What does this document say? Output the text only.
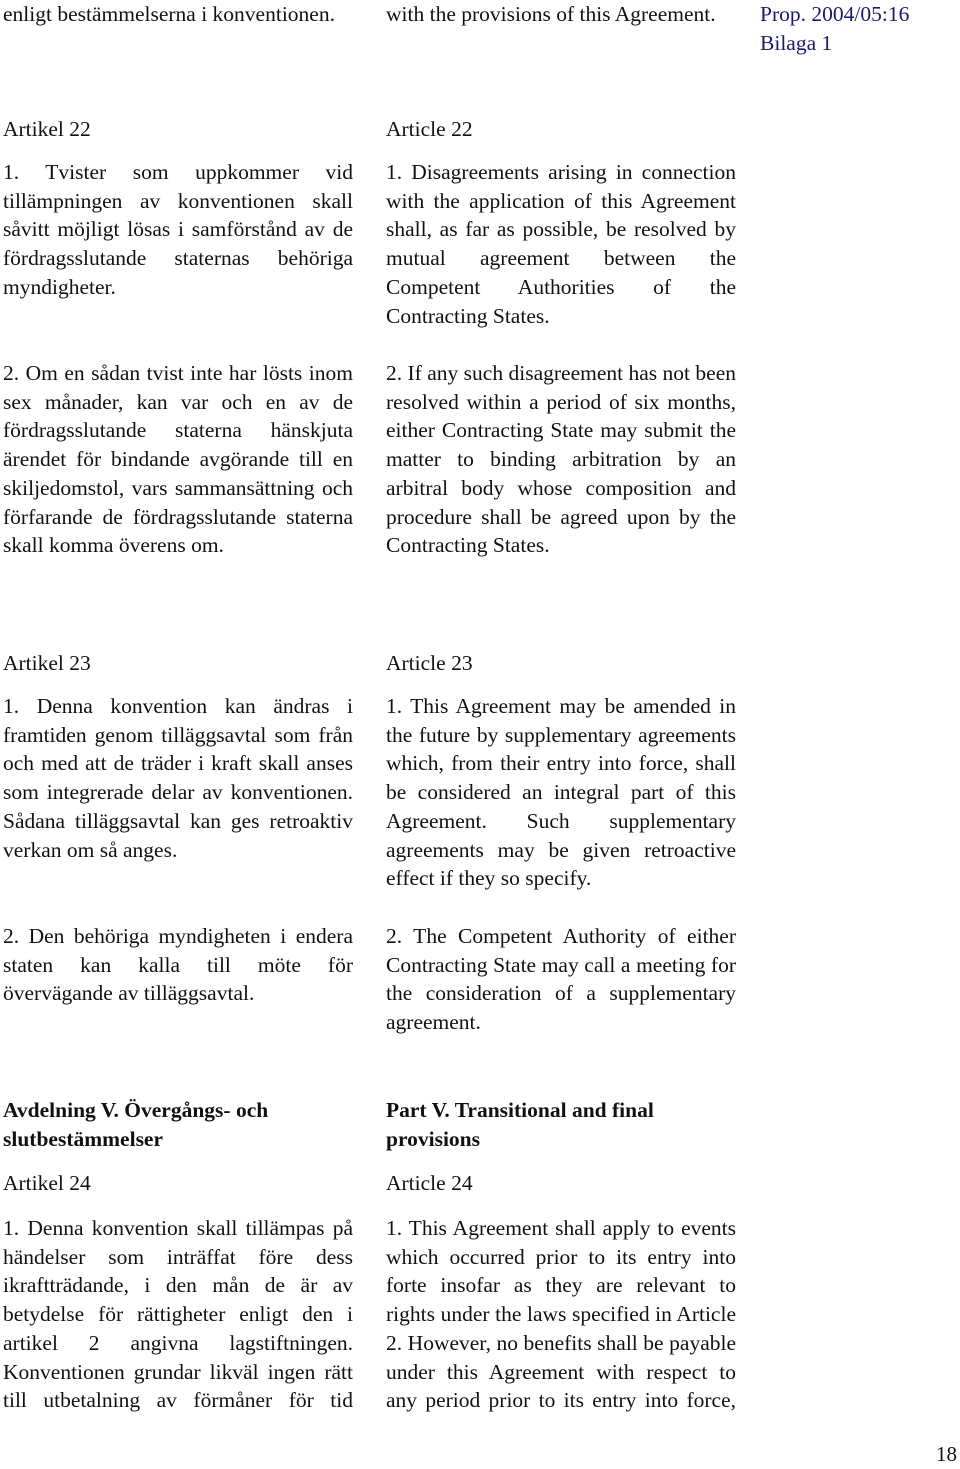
enligt bestämmelserna i konventionen.	with the provisions of this Agreement.	Prop. 2004/05:16
Bilaga 1
Artikel 22	Article 22
1. Tvister som uppkommer vid tillämpningen av konventionen skall såvitt möjligt lösas i samförstånd av de fördragsslutande staternas behöriga myndigheter.
2. Om en sådan tvist inte har lösts inom sex månader, kan var och en av de fördragsslutande staterna hänskjuta ärendet för bindande avgörande till en skiljedomstol, vars sammansättning och förfarande de fördragsslutande staterna skall komma överens om.
1. Disagreements arising in connection with the application of this Agreement shall, as far as possible, be resolved by mutual agreement between the Competent Authorities of the Contracting States.
2. If any such disagreement has not been resolved within a period of six months, either Contracting State may submit the matter to binding arbitration by an arbitral body whose composition and procedure shall be agreed upon by the Contracting States.
Artikel 23	Article 23
1. Denna konvention kan ändras i framtiden genom tilläggsavtal som från och med att de träder i kraft skall anses som integrerade delar av konventionen. Sådana tilläggsavtal kan ges retroaktiv verkan om så anges.
2. Den behöriga myndigheten i endera staten kan kalla till möte för övervägande av tilläggsavtal.
1. This Agreement may be amended in the future by supplementary agreements which, from their entry into force, shall be considered an integral part of this Agreement. Such supplementary agreements may be given retroactive effect if they so specify.
2. The Competent Authority of either Contracting State may call a meeting for the consideration of a supplementary agreement.
Avdelning V. Övergångs- och slutbestämmelser
Part V. Transitional and final provisions
Artikel 24	Article 24
1. Denna konvention skall tillämpas på händelser som inträffat före dess ikraftträdande, i den mån de är av betydelse för rättigheter enligt den i artikel 2 angivna lagstiftningen. Konventionen grundar likväl ingen rätt till utbetalning av förmåner för tid
1. This Agreement shall apply to events which occurred prior to its entry into forte insofar as they are relevant to rights under the laws specified in Article 2. However, no benefits shall be payable under this Agreement with respect to any period prior to its entry into force,
18
